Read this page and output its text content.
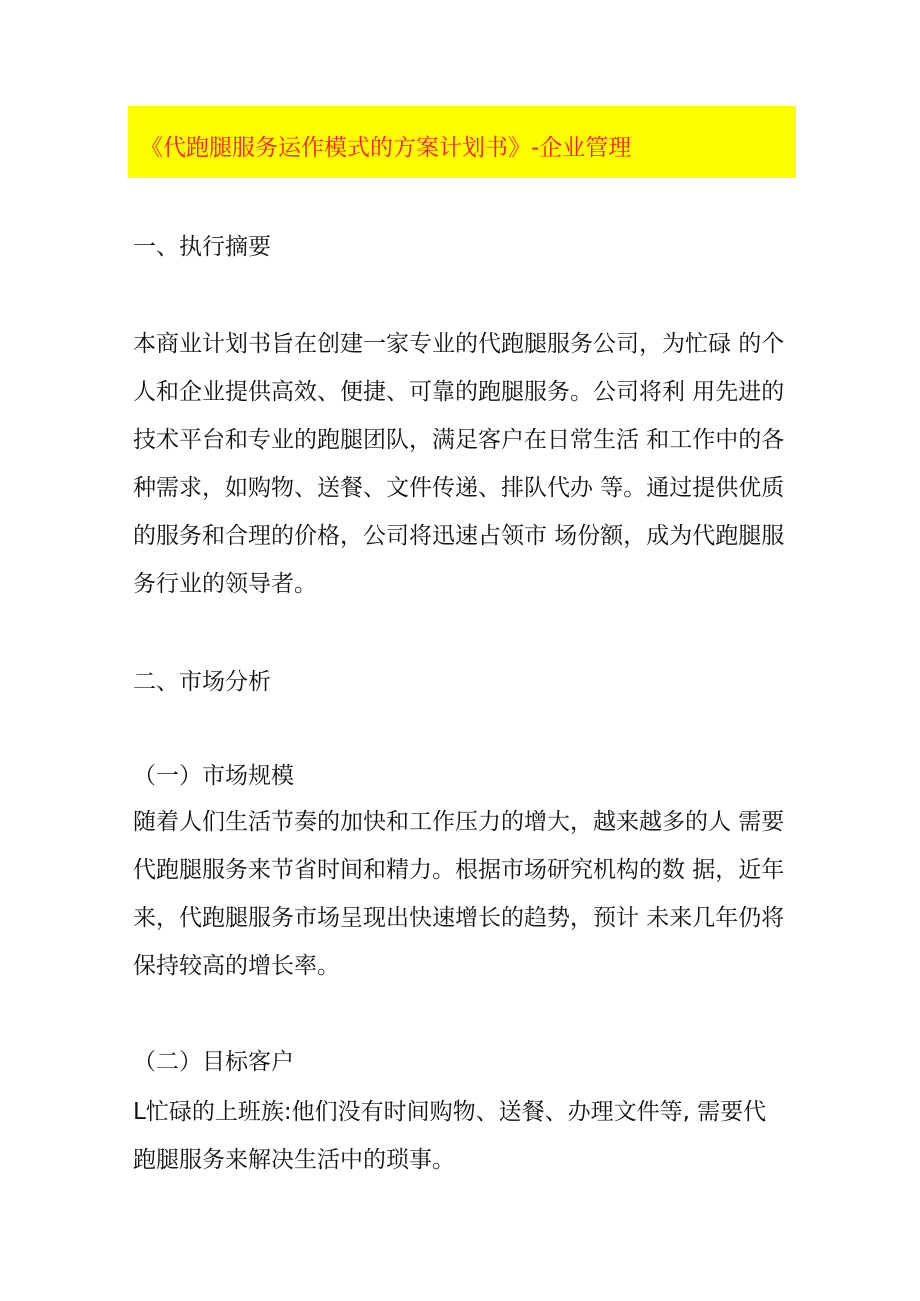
《代跑腿服务运作模式的方案计划书》-企业管理
一、执行摘要
本商业计划书旨在创建一家专业的代跑腿服务公司，为忙碌 的个
人和企业提供高效、便捷、可靠的跑腿服务。公司将利 用先进的
技术平台和专业的跑腿团队，满足客户在日常生活 和工作中的各
种需求，如购物、送餐、文件传递、排队代办 等。通过提供优质
的服务和合理的价格，公司将迅速占领市 场份额，成为代跑腿服
务行业的领导者。
二、市场分析
（一）市场规模
随着人们生活节奏的加快和工作压力的增大，越来越多的人 需要
代跑腿服务来节省时间和精力。根据市场研究机构的数 据，近年
来，代跑腿服务市场呈现出快速增长的趋势，预计 未来几年仍将
保持较高的增长率。
（二）目标客户
L忙碌的上班族:他们没有时间购物、送餐、办理文件等, 需要代
跑腿服务来解决生活中的琐事。
